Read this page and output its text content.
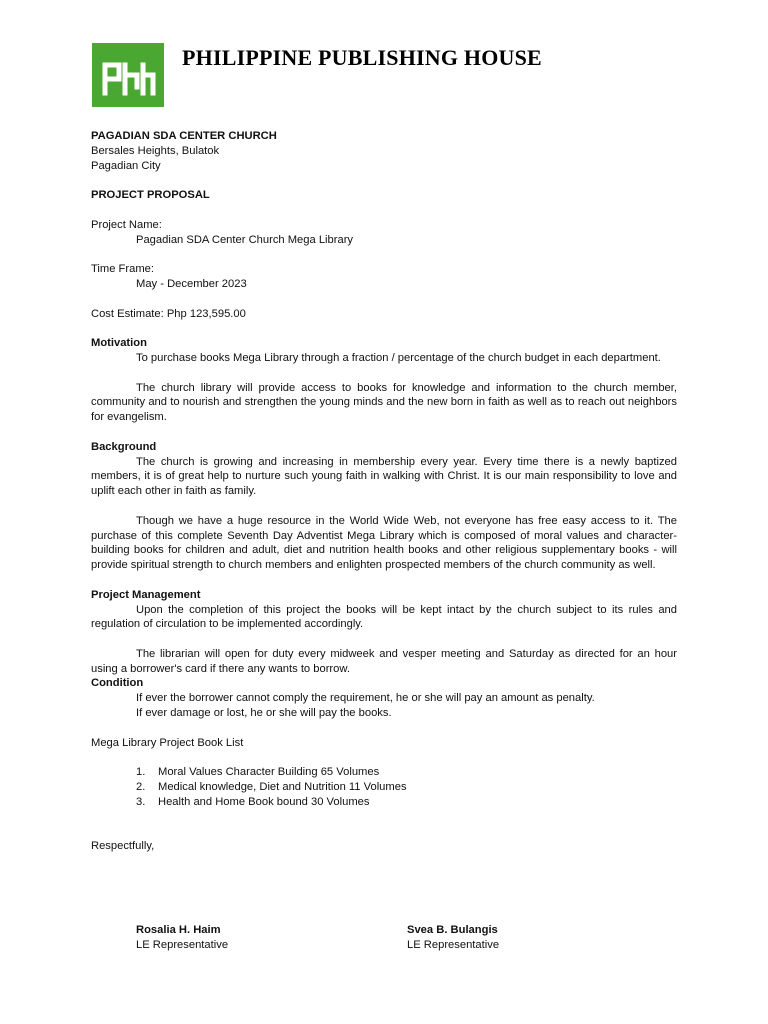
PHILIPPINE PUBLISHING HOUSE
PAGADIAN SDA CENTER CHURCH
Bersales Heights, Bulatok
Pagadian City
PROJECT PROPOSAL
Project Name:
Pagadian SDA Center Church Mega Library
Time Frame:
May - December 2023
Cost Estimate: Php 123,595.00
Motivation

To purchase books Mega Library through a fraction / percentage of the church budget in each department.

The church library will provide access to books for knowledge and information to the church member, community and to nourish and strengthen the young minds and the new born in faith as well as to reach out neighbors for evangelism.

Background

The church is growing and increasing in membership every year. Every time there is a newly baptized members, it is of great help to nurture such young faith in walking with Christ. It is our main responsibility to love and uplift each other in faith as family.

Though we have a huge resource in the World Wide Web, not everyone has free easy access to it. The purchase of this complete Seventh Day Adventist Mega Library which is composed of moral values and character-building books for children and adult, diet and nutrition health books and other religious supplementary books - will provide spiritual strength to church members and enlighten prospected members of the church community as well.

Project Management

Upon the completion of this project the books will be kept intact by the church subject to its rules and regulation of circulation to be implemented accordingly.

The librarian will open for duty every midweek and vesper meeting and Saturday as directed for an hour using a borrower's card if there any wants to borrow.

Condition
If ever the borrower cannot comply the requirement, he or she will pay an amount as penalty.
If ever damage or lost, he or she will pay the books.
Mega Library Project Book List
1.	Moral Values Character Building 65 Volumes
2.	Medical knowledge, Diet and Nutrition 11 Volumes
3.	Health and Home Book bound 30 Volumes
Respectfully,
Rosalia H. Haim
LE Representative
Svea B. Bulangis
LE Representative
